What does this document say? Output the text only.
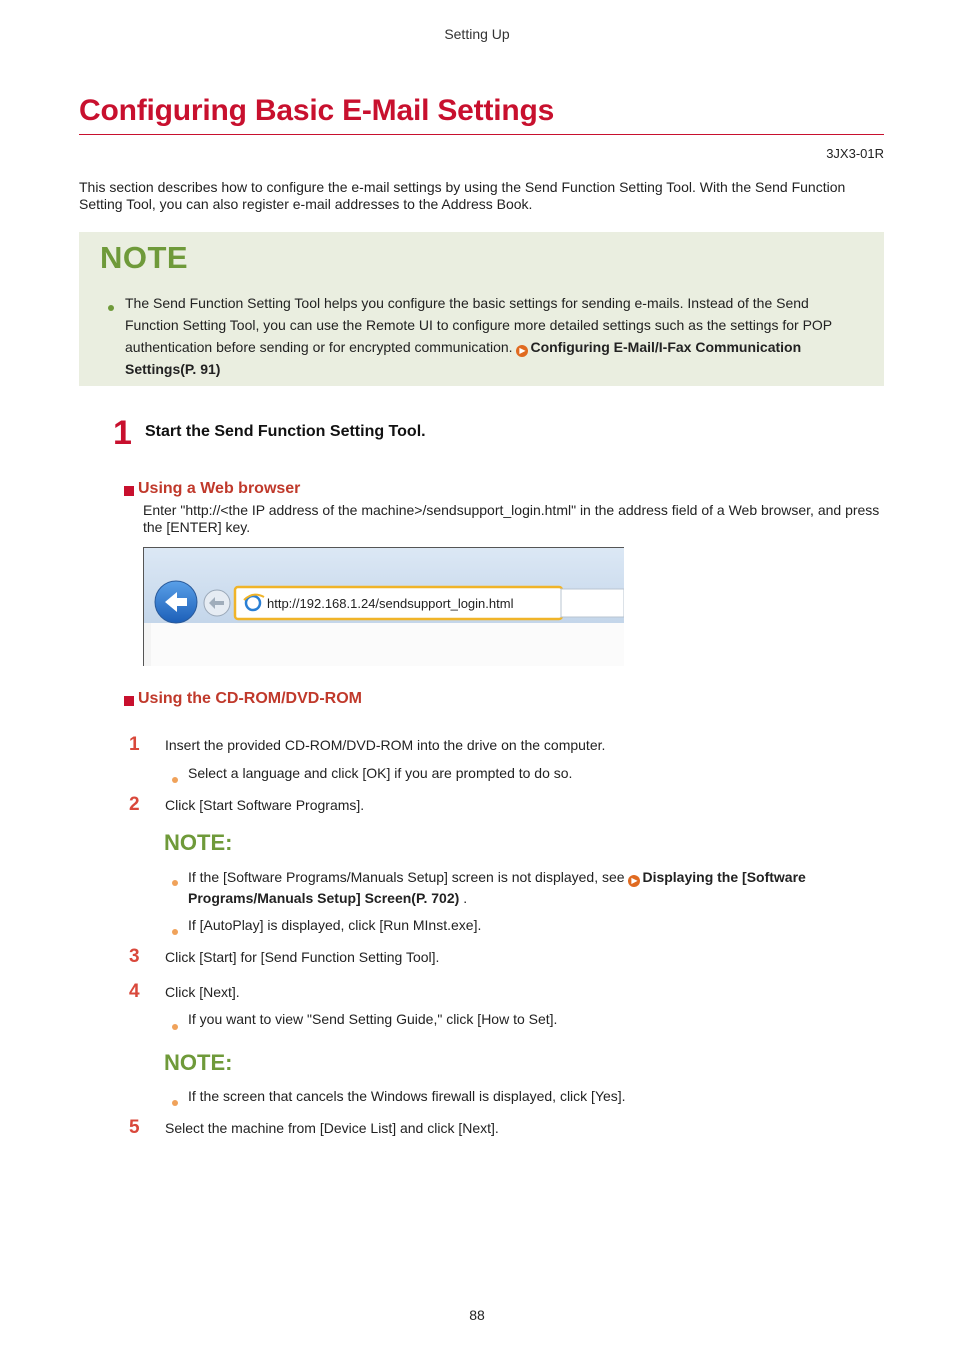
Setting Up
Configuring Basic E-Mail Settings
3JX3-01R
This section describes how to configure the e-mail settings by using the Send Function Setting Tool. With the Send Function Setting Tool, you can also register e-mail addresses to the Address Book.
NOTE
The Send Function Setting Tool helps you configure the basic settings for sending e-mails. Instead of the Send Function Setting Tool, you can use the Remote UI to configure more detailed settings such as the settings for POP authentication before sending or for encrypted communication. ▶ Configuring E-Mail/I-Fax Communication Settings(P. 91)
1 Start the Send Function Setting Tool.
Using a Web browser
Enter "http://<the IP address of the machine>/sendsupport_login.html" in the address field of a Web browser, and press the [ENTER] key.
http://192.168.1.24/sendsupport_login.html
Using the CD-ROM/DVD-ROM
1 Insert the provided CD-ROM/DVD-ROM into the drive on the computer.
Select a language and click [OK] if you are prompted to do so.
2 Click [Start Software Programs].
NOTE:
If the [Software Programs/Manuals Setup] screen is not displayed, see ▶ Displaying the [Software Programs/Manuals Setup] Screen(P. 702) .
If [AutoPlay] is displayed, click [Run MInst.exe].
3 Click [Start] for [Send Function Setting Tool].
4 Click [Next].
If you want to view "Send Setting Guide," click [How to Set].
NOTE:
If the screen that cancels the Windows firewall is displayed, click [Yes].
5 Select the machine from [Device List] and click [Next].
88
